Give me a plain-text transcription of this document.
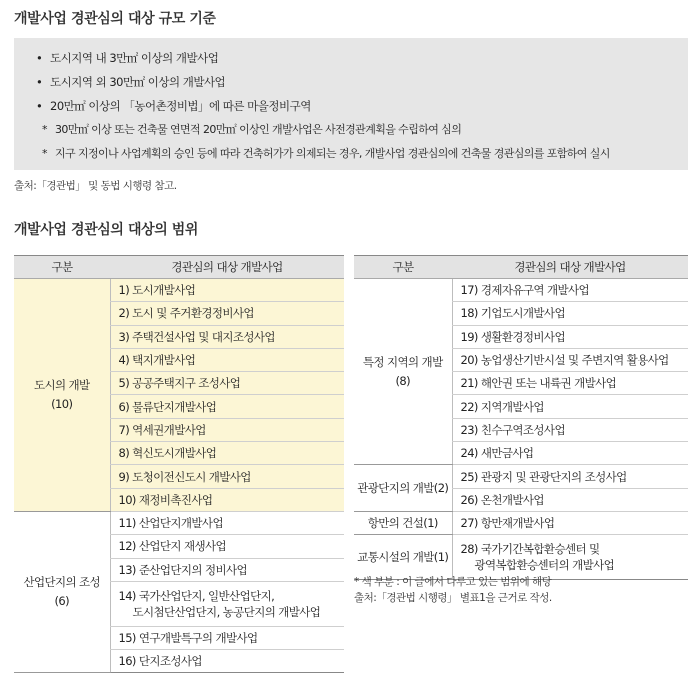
개발사업 경관심의 대상 규모 기준
• 도시지역 내 3만㎡ 이상의 개발사업
• 도시지역 외 30만㎡ 이상의 개발사업
• 20만㎡ 이상의 「농어촌정비법」에 따른 마을정비구역
* 30만㎡ 이상 또는 건축물 연면적 20만㎡ 이상인 개발사업은 사전경관계획을 수립하여 심의
* 지구 지정이나 사업계획의 승인 등에 따라 건축허가가 의제되는 경우, 개발사업 경관심의에 건축물 경관심의를 포함하여 실시
출처:「경관법」 및 동법 시행령 참고.
개발사업 경관심의 대상의 범위
구분	경관심의 대상 개발사업

도시의 개발
(10)	1) 도시개발사업

	2) 도시 및 주거환경정비사업

	3) 주택건설사업 및 대지조성사업

	4) 택지개발사업

	5) 공공주택지구 조성사업

	6) 물류단지개발사업

	7) 역세권개발사업

	8) 혁신도시개발사업

	9) 도청이전신도시 개발사업

	10) 재정비촉진사업

산업단지의 조성
(6)	11) 산업단지개발사업

	12) 산업단지 재생사업

	13) 준산업단지의 정비사업

	14) 국가산업단지, 일반산업단지,
도시첨단산업단지, 농공단지의 개발사업

	15) 연구개발특구의 개발사업

	16) 단지조성사업
구분	경관심의 대상 개발사업

특정 지역의 개발
(8)	17) 경제자유구역 개발사업

	18) 기업도시개발사업

	19) 생활환경정비사업

	20) 농업생산기반시설 및 주변지역 활용사업

	21) 해안권 또는 내륙권 개발사업

	22) 지역개발사업

	23) 친수구역조성사업

	24) 새만금사업

관광단지의 개발(2)	25) 관광지 및 관광단지의 조성사업

	26) 온천개발사업

항만의 건설(1)	27) 항만재개발사업

교통시설의 개발(1)	28) 국가기간복합환승센터 및
광역복합환승센터의 개발사업
* 색 부분 : 이 글에서 다루고 있는 범위에 해당
출처:「경관법 시행령」 별표1을 근거로 작성.
